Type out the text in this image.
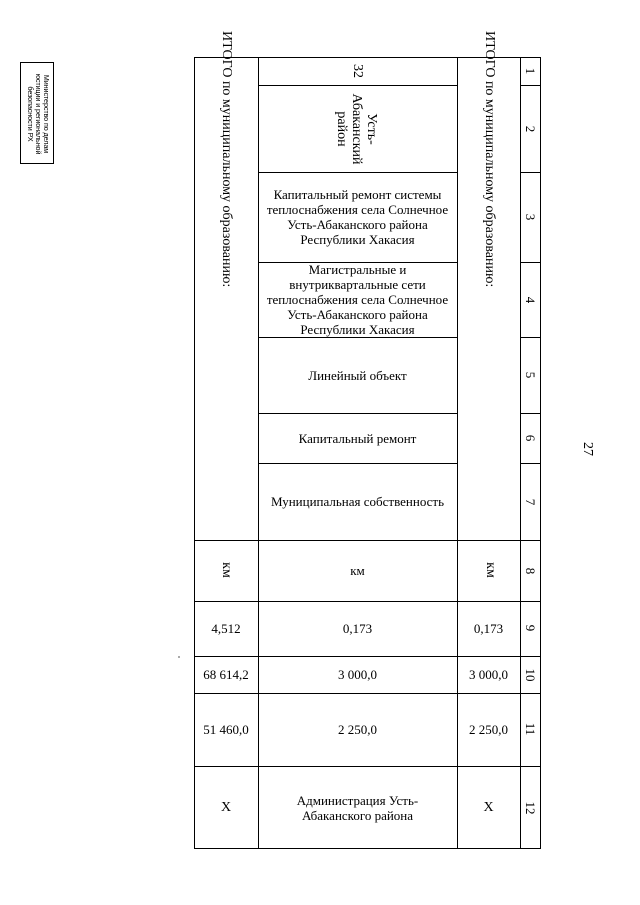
Министерство по делам
юстиции и региональной
безопасности РХ
27
1
2
3
4
5
6
7
8
9
10
11
12
ИТОГО по муниципальному образованию:
км
0,173
3 000,0
2 250,0
Х
32
Усть-Абаканский район
Капитальный ремонт системы теплоснабжения села Солнечное Усть-Абаканского района Республики Хакасия
Магистральные и внутриквартальные сети теплоснабжения села Солнечное Усть-Абаканского района Республики Хакасия
Линейный объект
Капитальный ремонт
Муниципальная собственность
км
0,173
3 000,0
2 250,0
Администрация Усть-Абаканского района
ИТОГО по муниципальному образованию:
км
4,512
68 614,2
51 460,0
Х
